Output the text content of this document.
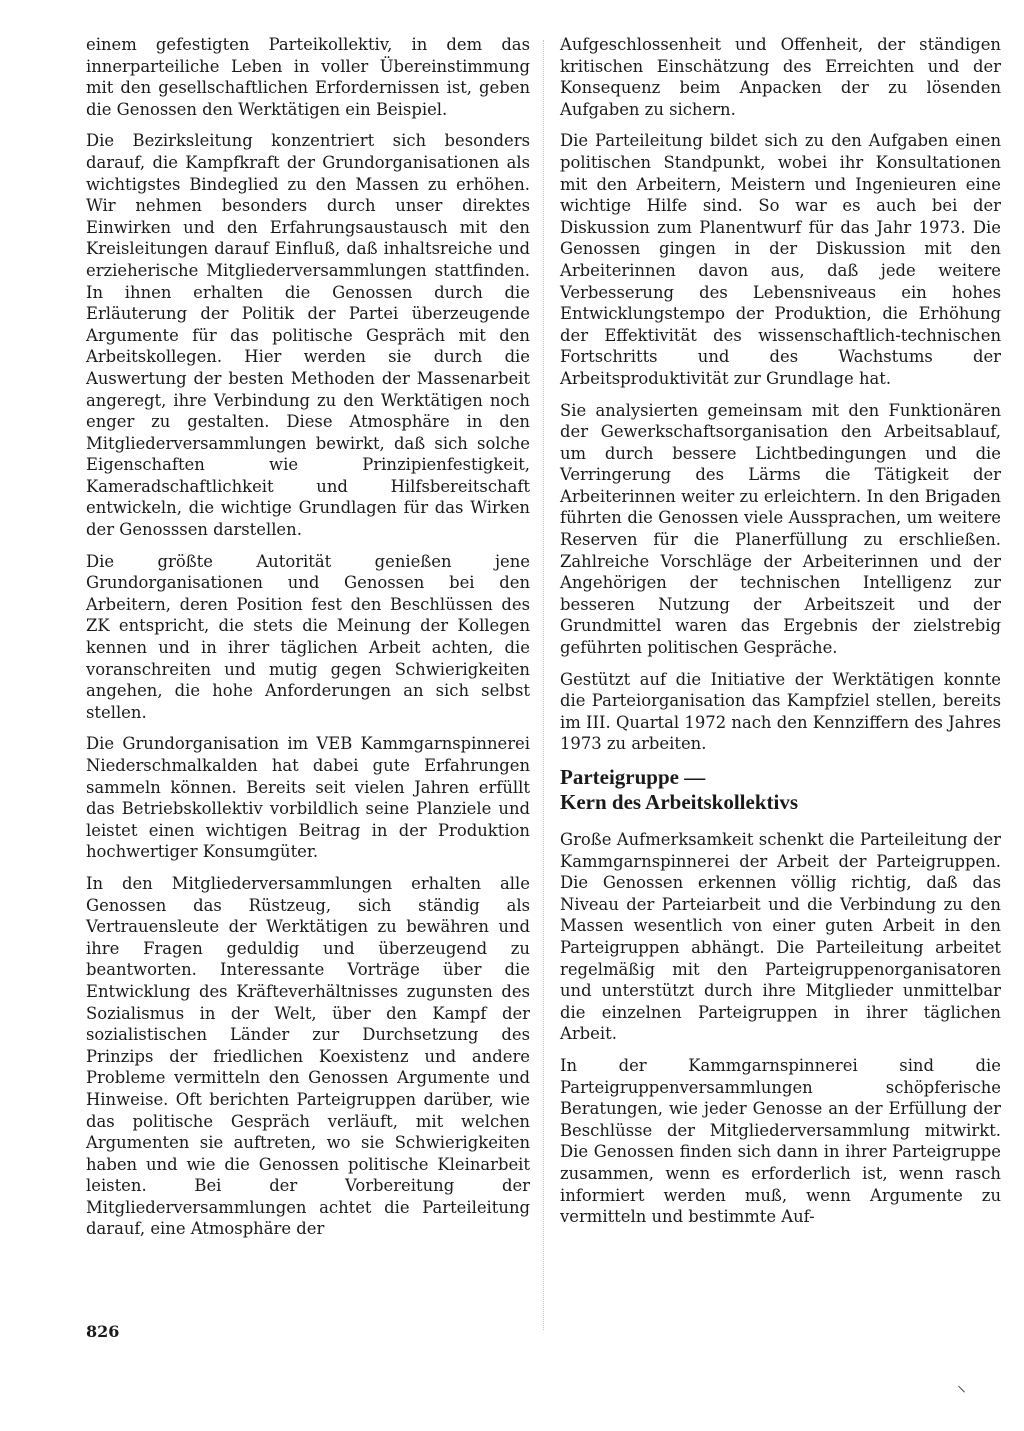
einem gefestigten Parteikollektiv, in dem das innerparteiliche Leben in voller Übereinstimmung mit den gesellschaftlichen Erfordernissen ist, geben die Genossen den Werktätigen ein Beispiel.

Die Bezirksleitung konzentriert sich besonders darauf, die Kampfkraft der Grundorganisationen als wichtigstes Bindeglied zu den Massen zu erhöhen. Wir nehmen besonders durch unser direktes Einwirken und den Erfahrungsaustausch mit den Kreisleitungen darauf Einfluß, daß inhaltsreiche und erzieherische Mitgliederversammlungen stattfinden. In ihnen erhalten die Genossen durch die Erläuterung der Politik der Partei überzeugende Argumente für das politische Gespräch mit den Arbeitskollegen. Hier werden sie durch die Auswertung der besten Methoden der Massenarbeit angeregt, ihre Verbindung zu den Werktätigen noch enger zu gestalten. Diese Atmosphäre in den Mitgliederversammlungen bewirkt, daß sich solche Eigenschaften wie Prinzipienfestigkeit, Kameradschaftlichkeit und Hilfsbereitschaft entwickeln, die wichtige Grundlagen für das Wirken der Genosssen darstellen.

Die größte Autorität genießen jene Grundorganisationen und Genossen bei den Arbeitern, deren Position fest den Beschlüssen des ZK entspricht, die stets die Meinung der Kollegen kennen und in ihrer täglichen Arbeit achten, die voranschreiten und mutig gegen Schwierigkeiten angehen, die hohe Anforderungen an sich selbst stellen.

Die Grundorganisation im VEB Kammgarnspinnerei Niederschmalkalden hat dabei gute Erfahrungen sammeln können. Bereits seit vielen Jahren erfüllt das Betriebskollektiv vorbildlich seine Planziele und leistet einen wichtigen Beitrag in der Produktion hochwertiger Konsumgüter.

In den Mitgliederversammlungen erhalten alle Genossen das Rüstzeug, sich ständig als Vertrauensleute der Werktätigen zu bewähren und ihre Fragen geduldig und überzeugend zu beantworten. Interessante Vorträge über die Entwicklung des Kräfteverhältnisses zugunsten des Sozialismus in der Welt, über den Kampf der sozialistischen Länder zur Durchsetzung des Prinzips der friedlichen Koexistenz und andere Probleme vermitteln den Genossen Argumente und Hinweise. Oft berichten Parteigruppen darüber, wie das politische Gespräch verläuft, mit welchen Argumenten sie auftreten, wo sie Schwierigkeiten haben und wie die Genossen politische Kleinarbeit leisten. Bei der Vorbereitung der Mitgliederversammlungen achtet die Parteileitung darauf, eine Atmosphäre der

Aufgeschlossenheit und Offenheit, der ständigen kritischen Einschätzung des Erreichten und der Konsequenz beim Anpacken der zu lösenden Aufgaben zu sichern.

Die Parteileitung bildet sich zu den Aufgaben einen politischen Standpunkt, wobei ihr Konsultationen mit den Arbeitern, Meistern und Ingenieuren eine wichtige Hilfe sind. So war es auch bei der Diskussion zum Planentwurf für das Jahr 1973. Die Genossen gingen in der Diskussion mit den Arbeiterinnen davon aus, daß jede weitere Verbesserung des Lebensniveaus ein hohes Entwicklungstempo der Produktion, die Erhöhung der Effektivität des wissenschaftlich-technischen Fortschritts und des Wachstums der Arbeitsproduktivität zur Grundlage hat.

Sie analysierten gemeinsam mit den Funktionären der Gewerkschaftsorganisation den Arbeitsablauf, um durch bessere Lichtbedingungen und die Verringerung des Lärms die Tätigkeit der Arbeiterinnen weiter zu erleichtern. In den Brigaden führten die Genossen viele Aussprachen, um weitere Reserven für die Planerfüllung zu erschließen. Zahlreiche Vorschläge der Arbeiterinnen und der Angehörigen der technischen Intelligenz zur besseren Nutzung der Arbeitszeit und der Grundmittel waren das Ergebnis der zielstrebig geführten politischen Gespräche.

Gestützt auf die Initiative der Werktätigen konnte die Parteiorganisation das Kampfziel stellen, bereits im III. Quartal 1972 nach den Kennziffern des Jahres 1973 zu arbeiten.

Parteigruppe —
Kern des Arbeitskollektivs

Große Aufmerksamkeit schenkt die Parteileitung der Kammgarnspinnerei der Arbeit der Parteigruppen. Die Genossen erkennen völlig richtig, daß das Niveau der Parteiarbeit und die Verbindung zu den Massen wesentlich von einer guten Arbeit in den Parteigruppen abhängt. Die Parteileitung arbeitet regelmäßig mit den Parteigruppenorganisatoren und unterstützt durch ihre Mitglieder unmittelbar die einzelnen Parteigruppen in ihrer täglichen Arbeit.

In der Kammgarnspinnerei sind die Parteigruppenversammlungen schöpferische Beratungen, wie jeder Genosse an der Erfüllung der Beschlüsse der Mitgliederversammlung mitwirkt. Die Genossen finden sich dann in ihrer Parteigruppe zusammen, wenn es erforderlich ist, wenn rasch informiert werden muß, wenn Argumente zu vermitteln und bestimmte Auf-

826
⸜
